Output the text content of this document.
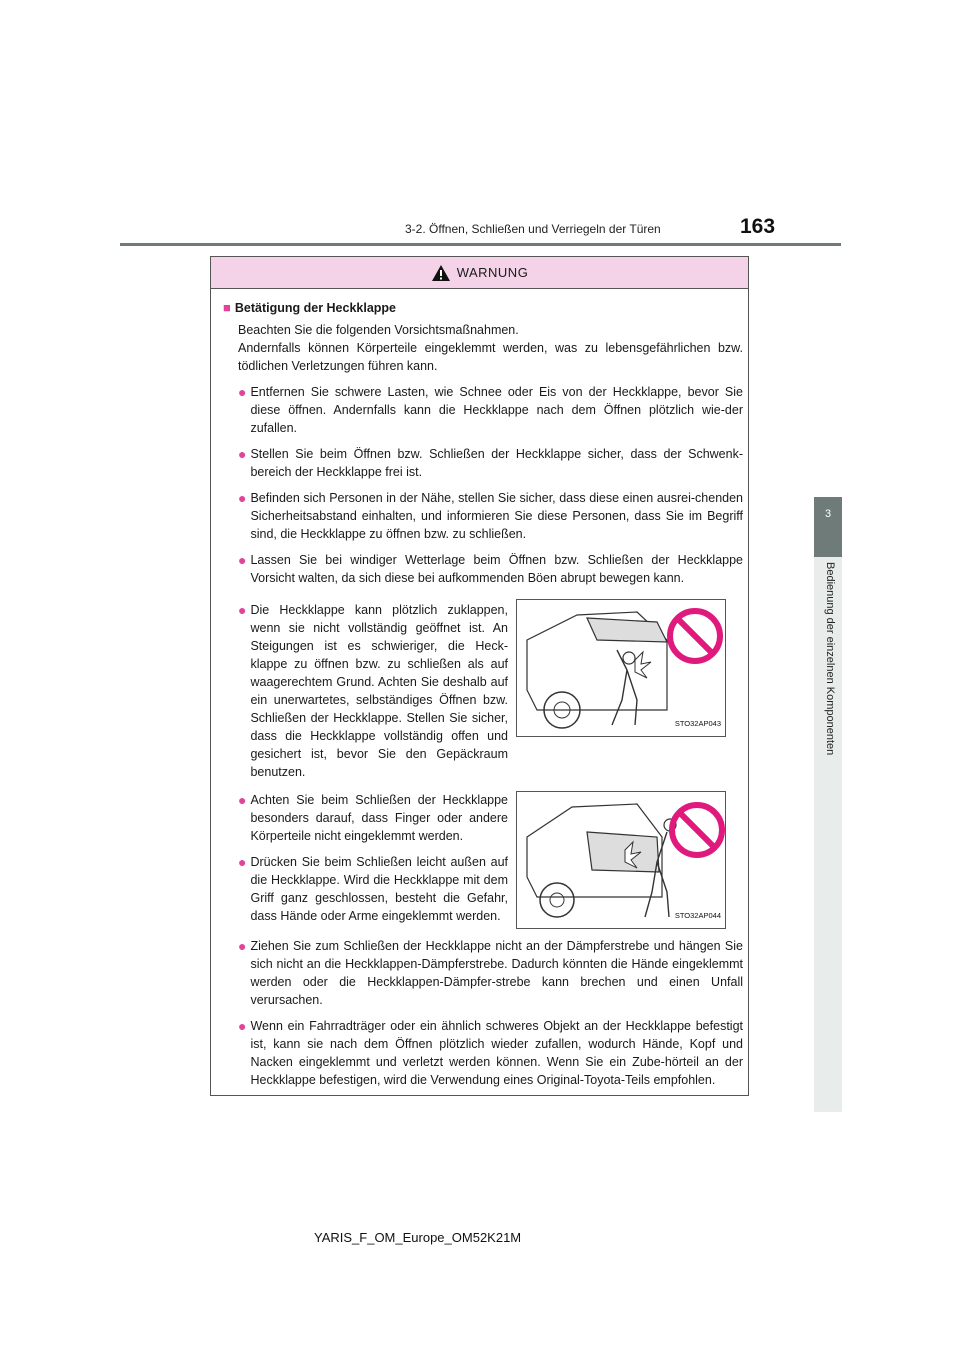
3-2. Öffnen, Schließen und Verriegeln der Türen	163
3
Bedienung der einzelnen Komponenten
WARNUNG
■ Betätigung der Heckklappe
Beachten Sie die folgenden Vorsichtsmaßnahmen.
Andernfalls können Körperteile eingeklemmt werden, was zu lebensgefährlichen bzw. tödlichen Verletzungen führen kann.
● Entfernen Sie schwere Lasten, wie Schnee oder Eis von der Heckklappe, bevor Sie diese öffnen. Andernfalls kann die Heckklappe nach dem Öffnen plötzlich wie-der zufallen.
● Stellen Sie beim Öffnen bzw. Schließen der Heckklappe sicher, dass der Schwenk-bereich der Heckklappe frei ist.
● Befinden sich Personen in der Nähe, stellen Sie sicher, dass diese einen ausrei-chenden Sicherheitsabstand einhalten, und informieren Sie diese Personen, dass Sie im Begriff sind, die Heckklappe zu öffnen bzw. zu schließen.
● Lassen Sie bei windiger Wetterlage beim Öffnen bzw. Schließen der Heckklappe Vorsicht walten, da sich diese bei aufkommenden Böen abrupt bewegen kann.
● Die Heckklappe kann plötzlich zuklappen, wenn sie nicht vollständig geöffnet ist. An Steigungen ist es schwieriger, die Heck-klappe zu öffnen bzw. zu schließen als auf waagerechtem Grund. Achten Sie deshalb auf ein unerwartetes, selbständiges Öffnen bzw. Schließen der Heckklappe. Stellen Sie sicher, dass die Heckklappe vollständig offen und gesichert ist, bevor Sie den Gepäckraum benutzen.
STO32AP043
● Achten Sie beim Schließen der Heckklappe besonders darauf, dass Finger oder andere Körperteile nicht eingeklemmt werden.
● Drücken Sie beim Schließen leicht außen auf die Heckklappe. Wird die Heckklappe mit dem Griff ganz geschlossen, besteht die Gefahr, dass Hände oder Arme eingeklemmt werden.	STO32AP044
● Ziehen Sie zum Schließen der Heckklappe nicht an der Dämpferstrebe und hängen Sie sich nicht an die Heckklappen-Dämpferstrebe. Dadurch könnten die Hände eingeklemmt werden oder die Heckklappen-Dämpfer-strebe kann brechen und einen Unfall verursachen.
● Wenn ein Fahrradträger oder ein ähnlich schweres Objekt an der Heckklappe befestigt ist, kann sie nach dem Öffnen plötzlich wieder zufallen, wodurch Hände, Kopf und Nacken eingeklemmt und verletzt werden können. Wenn Sie ein Zube-hörteil an der Heckklappe befestigen, wird die Verwendung eines Original-Toyota-Teils empfohlen.
YARIS_F_OM_Europe_OM52K21M
